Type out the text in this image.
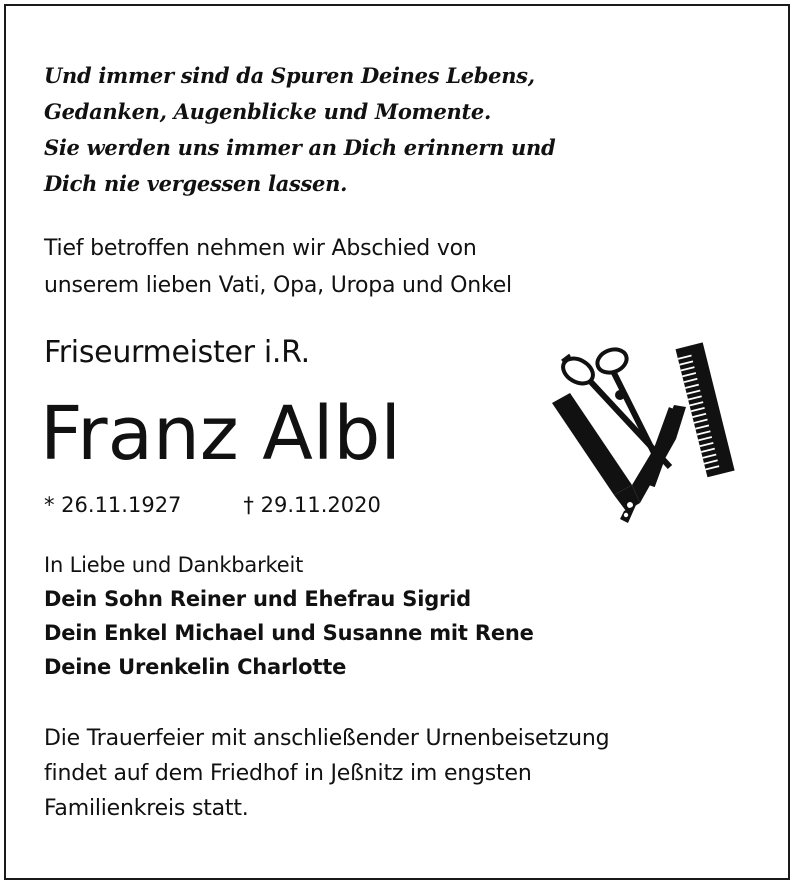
Und immer sind da Spuren Deines Lebens,
Gedanken, Augenblicke und Momente.
Sie werden uns immer an Dich erinnern und
Dich nie vergessen lassen.
Tief betroffen nehmen wir Abschied von
unserem lieben Vati, Opa, Uropa und Onkel
Friseurmeister i.R.
Franz Albl
* 26.11.1927	† 29.11.2020
In Liebe und Dankbarkeit
Dein Sohn Reiner und Ehefrau Sigrid
Dein Enkel Michael und Susanne mit Rene
Deine Urenkelin Charlotte
Die Trauerfeier mit anschließender Urnenbeisetzung
findet auf dem Friedhof in Jeßnitz im engsten
Familienkreis statt.
